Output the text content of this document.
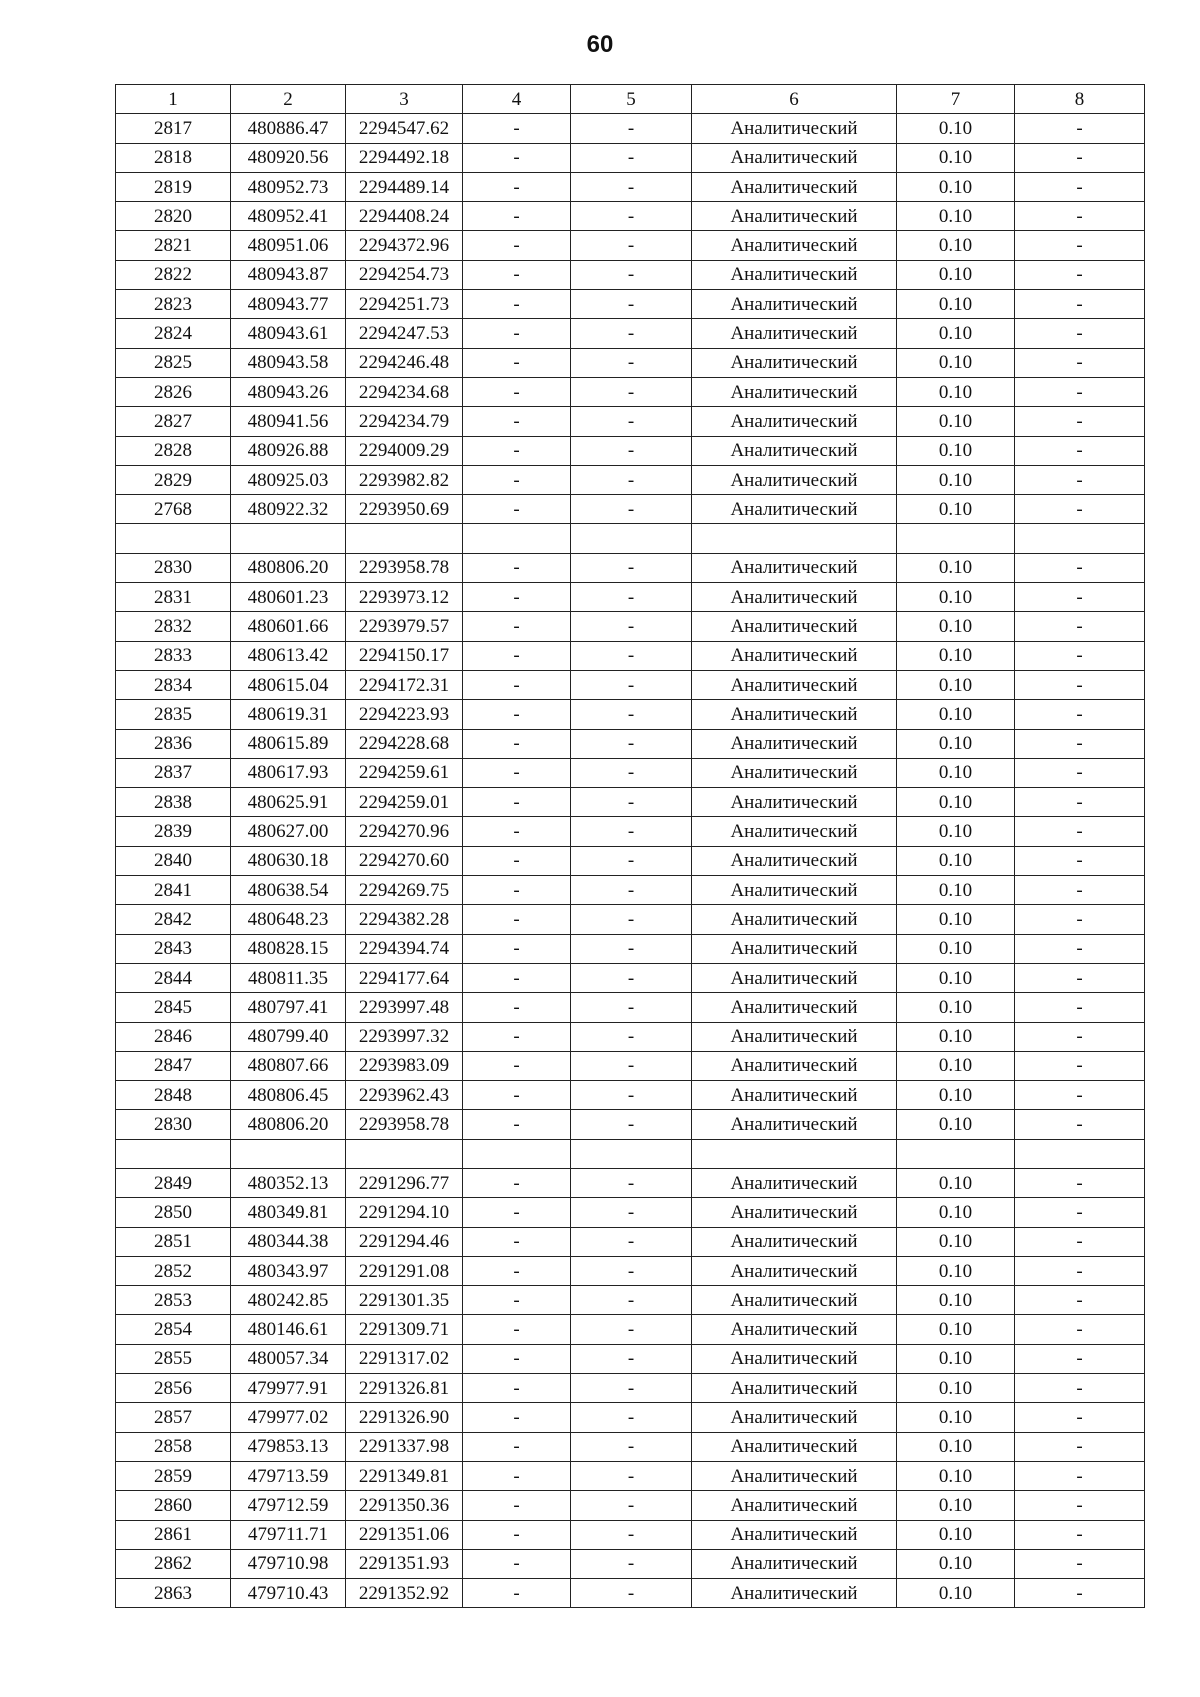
60
1	2	3	4	5	6	7	8
2817	480886.47	2294547.62	-	-	Аналитический	0.10	-
2818	480920.56	2294492.18	-	-	Аналитический	0.10	-
2819	480952.73	2294489.14	-	-	Аналитический	0.10	-
2820	480952.41	2294408.24	-	-	Аналитический	0.10	-
2821	480951.06	2294372.96	-	-	Аналитический	0.10	-
2822	480943.87	2294254.73	-	-	Аналитический	0.10	-
2823	480943.77	2294251.73	-	-	Аналитический	0.10	-
2824	480943.61	2294247.53	-	-	Аналитический	0.10	-
2825	480943.58	2294246.48	-	-	Аналитический	0.10	-
2826	480943.26	2294234.68	-	-	Аналитический	0.10	-
2827	480941.56	2294234.79	-	-	Аналитический	0.10	-
2828	480926.88	2294009.29	-	-	Аналитический	0.10	-
2829	480925.03	2293982.82	-	-	Аналитический	0.10	-
2768	480922.32	2293950.69	-	-	Аналитический	0.10	-

2830	480806.20	2293958.78	-	-	Аналитический	0.10	-
2831	480601.23	2293973.12	-	-	Аналитический	0.10	-
2832	480601.66	2293979.57	-	-	Аналитический	0.10	-
2833	480613.42	2294150.17	-	-	Аналитический	0.10	-
2834	480615.04	2294172.31	-	-	Аналитический	0.10	-
2835	480619.31	2294223.93	-	-	Аналитический	0.10	-
2836	480615.89	2294228.68	-	-	Аналитический	0.10	-
2837	480617.93	2294259.61	-	-	Аналитический	0.10	-
2838	480625.91	2294259.01	-	-	Аналитический	0.10	-
2839	480627.00	2294270.96	-	-	Аналитический	0.10	-
2840	480630.18	2294270.60	-	-	Аналитический	0.10	-
2841	480638.54	2294269.75	-	-	Аналитический	0.10	-
2842	480648.23	2294382.28	-	-	Аналитический	0.10	-
2843	480828.15	2294394.74	-	-	Аналитический	0.10	-
2844	480811.35	2294177.64	-	-	Аналитический	0.10	-
2845	480797.41	2293997.48	-	-	Аналитический	0.10	-
2846	480799.40	2293997.32	-	-	Аналитический	0.10	-
2847	480807.66	2293983.09	-	-	Аналитический	0.10	-
2848	480806.45	2293962.43	-	-	Аналитический	0.10	-
2830	480806.20	2293958.78	-	-	Аналитический	0.10	-

2849	480352.13	2291296.77	-	-	Аналитический	0.10	-
2850	480349.81	2291294.10	-	-	Аналитический	0.10	-
2851	480344.38	2291294.46	-	-	Аналитический	0.10	-
2852	480343.97	2291291.08	-	-	Аналитический	0.10	-
2853	480242.85	2291301.35	-	-	Аналитический	0.10	-
2854	480146.61	2291309.71	-	-	Аналитический	0.10	-
2855	480057.34	2291317.02	-	-	Аналитический	0.10	-
2856	479977.91	2291326.81	-	-	Аналитический	0.10	-
2857	479977.02	2291326.90	-	-	Аналитический	0.10	-
2858	479853.13	2291337.98	-	-	Аналитический	0.10	-
2859	479713.59	2291349.81	-	-	Аналитический	0.10	-
2860	479712.59	2291350.36	-	-	Аналитический	0.10	-
2861	479711.71	2291351.06	-	-	Аналитический	0.10	-
2862	479710.98	2291351.93	-	-	Аналитический	0.10	-
2863	479710.43	2291352.92	-	-	Аналитический	0.10	-
